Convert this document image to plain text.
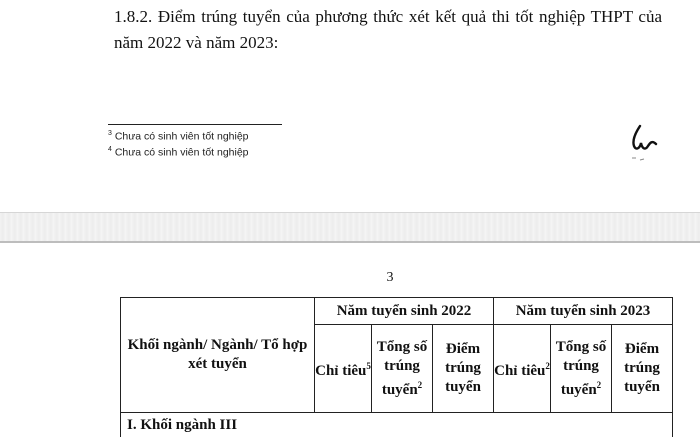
1.8.2. Điểm trúng tuyển của phương thức xét kết quả thi tốt nghiệp THPT của năm 2022 và năm 2023:
$^3$ Chưa có sinh viên tốt nghiệp
$^4$ Chưa có sinh viên tốt nghiệp
3
Khối ngành/ Ngành/ Tổ hợp xét tuyển	Năm tuyển sinh 2022			Năm tuyển sinh 2023		
	Chỉ tiêu$^5$	Tổng số trúng tuyển$^2$	Điểm trúng tuyển	Chỉ tiêu$^2$	Tổng số trúng tuyển$^2$	Điểm trúng tuyển
I. Khối ngành III						
